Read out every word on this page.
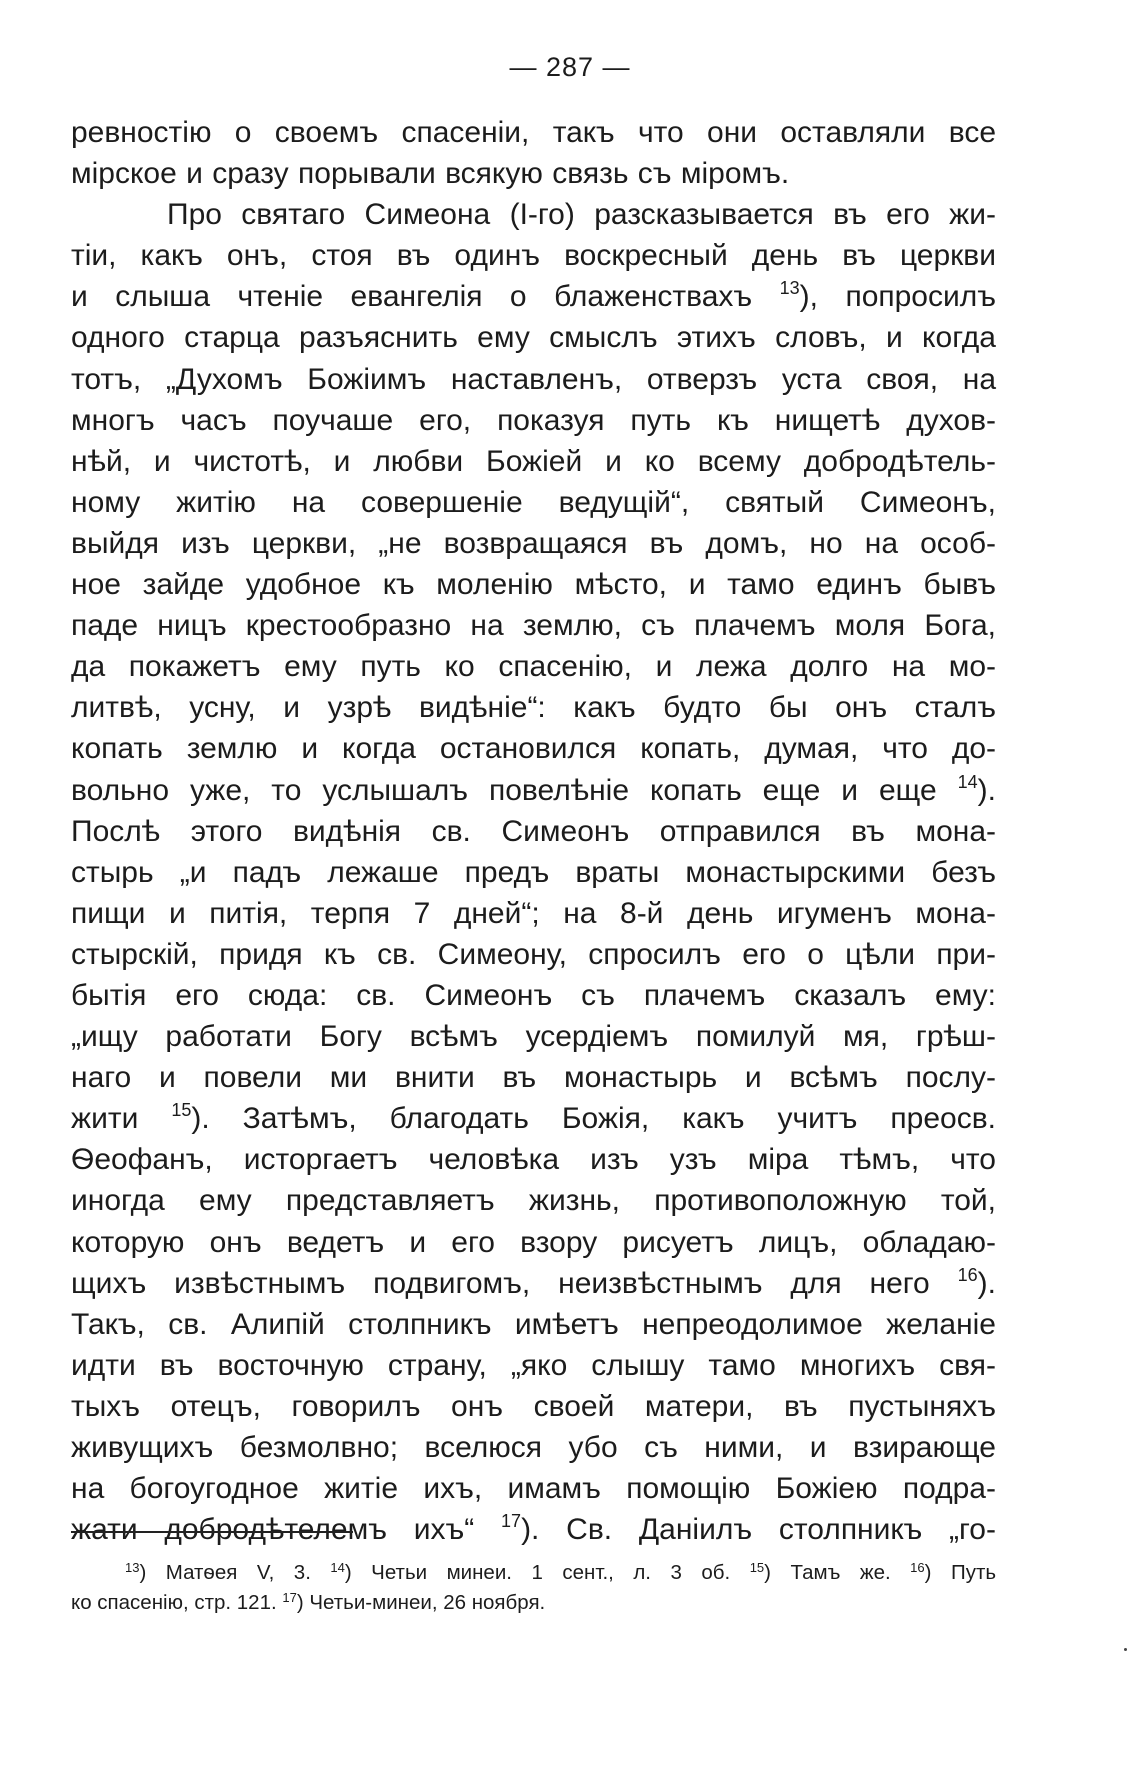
— 287 —
ревностію о своемъ спасеніи, такъ что они оставляли все
мірское и сразу порывали всякую связь съ міромъ.
Про святаго Симеона (І-го) разсказывается въ его жи-
тіи, какъ онъ, стоя въ одинъ воскресный день въ церкви
и слыша чтеніе евангелія о блаженствахъ $^{13}$), попросилъ
одного старца разъяснить ему смыслъ этихъ словъ, и когда
тотъ, „Духомъ Божіимъ наставленъ, отверзъ уста своя, на
многъ часъ поучаше его, показуя путь къ нищетѣ духов-
нѣй, и чистотѣ, и любви Божіей и ко всему добродѣтель-
ному житію на совершеніе ведущій“, святый Симеонъ,
выйдя изъ церкви, „не возвращаяся въ домъ, но на особ-
ное зайде удобное къ моленію мѣсто, и тамо единъ бывъ
паде ницъ крестообразно на землю, съ плачемъ моля Бога,
да покажетъ ему путь ко спасенію, и лежа долго на мо-
литвѣ, усну, и узрѣ видѣніе“: какъ будто бы онъ сталъ
копать землю и когда остановился копать, думая, что до-
вольно уже, то услышалъ повелѣніе копать еще и еще $^{14}$).
Послѣ этого видѣнія св. Симеонъ отправился въ мона-
стырь „и падъ лежаше предъ враты монастырскими безъ
пищи и питія, терпя 7 дней“; на 8-й день игуменъ мона-
стырскій, придя къ св. Симеону, спросилъ его о цѣли при-
бытія его сюда: св. Симеонъ съ плачемъ сказалъ ему:
„ищу работати Богу всѣмъ усердіемъ помилуй мя, грѣш-
наго и повели ми внити въ монастырь и всѣмъ послу-
жити $^{15}$). Затѣмъ, благодать Божія, какъ учитъ преосв.
Ѳеофанъ, исторгаетъ человѣка изъ узъ міра тѣмъ, что
иногда ему представляетъ жизнь, противоположную той,
которую онъ ведетъ и его взору рисуетъ лицъ, обладаю-
щихъ извѣстнымъ подвигомъ, неизвѣстнымъ для него $^{16}$).
Такъ, св. Алипій столпникъ имѣетъ непреодолимое желаніе
идти въ восточную страну, „яко слышу тамо многихъ свя-
тыхъ отецъ, говорилъ онъ своей матери, въ пустыняхъ
живущихъ безмолвно; вселюся убо съ ними, и взирающе
на богоугодное житіе ихъ, имамъ помощію Божіею подра-
жати добродѣтелемъ ихъ“ $^{17}$). Св. Даніилъ столпникъ „го-
$^{13}$) Матѳея V, 3. $^{14}$) Четьи минеи. 1 сент., л. 3 об. $^{15}$) Тамъ же. $^{16}$) Путь
ко спасенію, стр. 121. $^{17}$) Четьи-минеи, 26 ноября.
